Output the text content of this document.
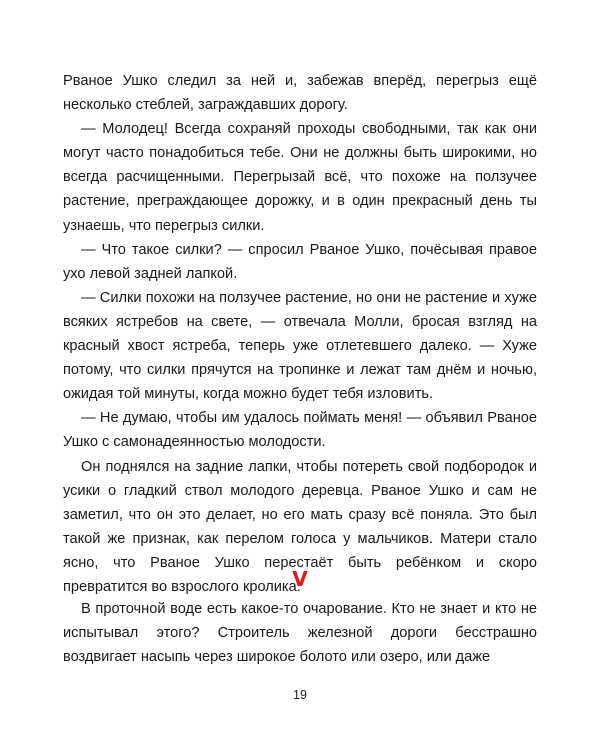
Рваное Ушко следил за ней и, забежав вперёд, перегрыз ещё несколько стеблей, заграждавших дорогу.

— Молодец! Всегда сохраняй проходы свободными, так как они могут часто понадобиться тебе. Они не должны быть широкими, но всегда расчищенными. Перегрызай всё, что похоже на ползучее растение, преграждающее дорожку, и в один прекрасный день ты узнаешь, что перегрыз силки.

— Что такое силки? — спросил Рваное Ушко, почёсывая правое ухо левой задней лапкой.

— Силки похожи на ползучее растение, но они не растение и хуже всяких ястребов на свете, — отвечала Молли, бросая взгляд на красный хвост ястреба, теперь уже отлетевшего далеко. — Хуже потому, что силки прячутся на тропинке и лежат там днём и ночью, ожидая той минуты, когда можно будет тебя изловить.

— Не думаю, чтобы им удалось поймать меня! — объявил Рваное Ушко с самонадеянностью молодости.

Он поднялся на задние лапки, чтобы потереть свой подбородок и усики о гладкий ствол молодого деревца. Рваное Ушко и сам не заметил, что он это делает, но его мать сразу всё поняла. Это был такой же признак, как перелом голоса у мальчиков. Матери стало ясно, что Рваное Ушко перестаёт быть ребёнком и скоро превратится во взрослого кролика.

V

В проточной воде есть какое-то очарование. Кто не знает и кто не испытывал этого? Строитель железной дороги бесстрашно воздвигает насыпь через широкое болото или озеро, или даже

19
